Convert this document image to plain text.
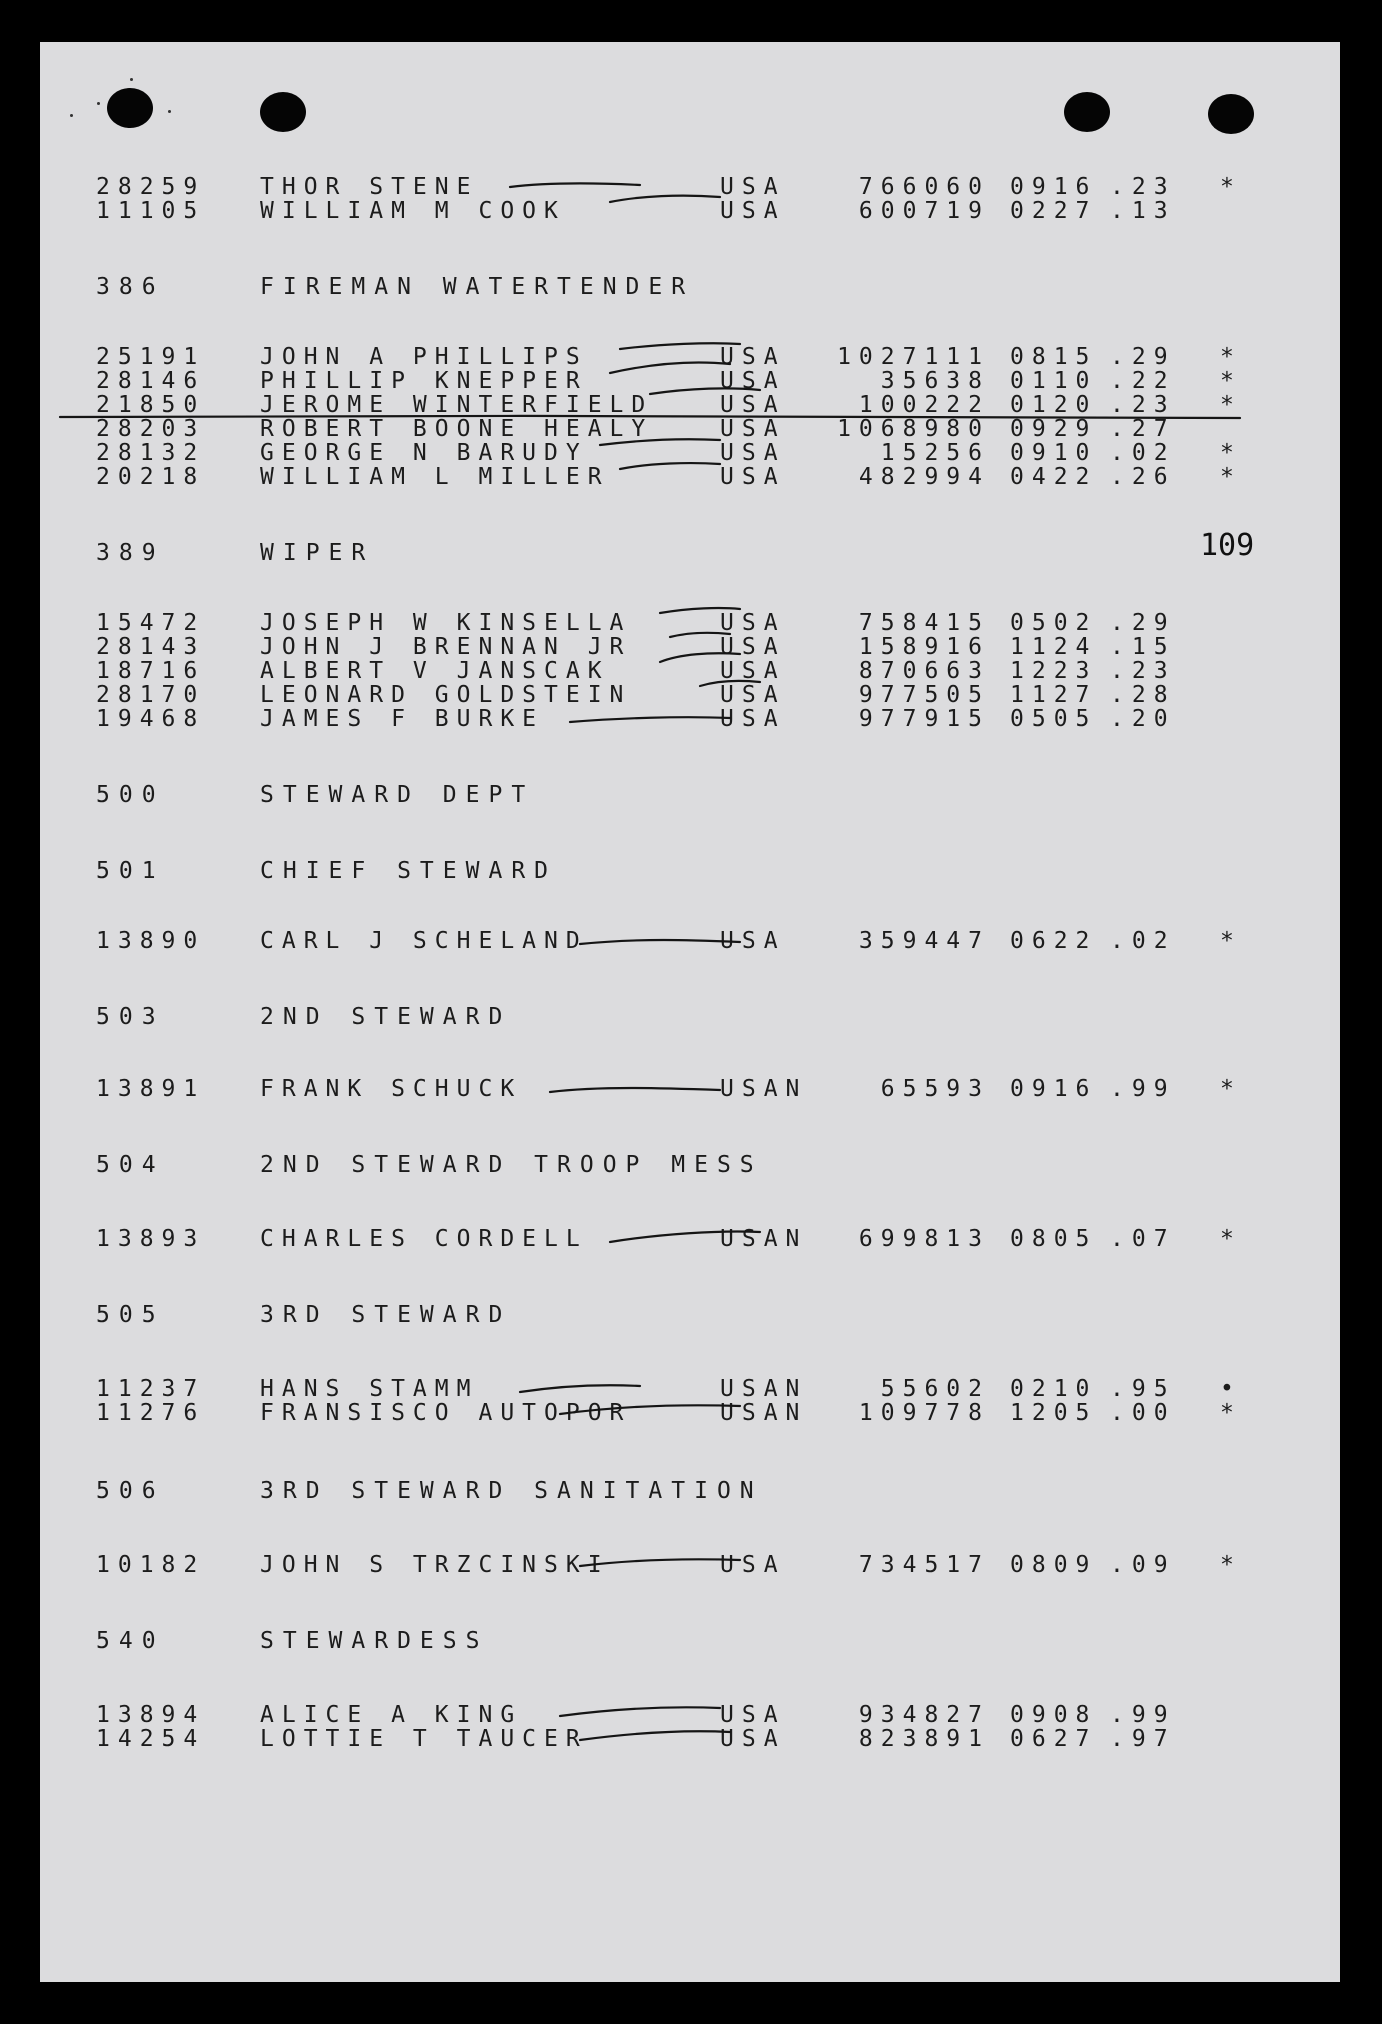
28259 THOR STENE	USA	766060 0916 .23 *
11105 WILLIAM M COOK	USA	600719 0227 .13
386	FIREMAN WATERTENDER
25191 JOHN A PHILLIPS	USA	1027111 0815 .29 *
28146 PHILLIP KNEPPER	USA	35638 0110 .22 *
21850 JEROME WINTERFIELD	USA	100222 0120 .23 *
28203 ROBERT BOONE HEALY	USA	1068980 0929 .27
28132 GEORGE N BARUDY	USA	15256 0910 .02 *
20218 WILLIAM L MILLER	USA	482994 0422 .26 *
389	WIPER
15472 JOSEPH W KINSELLA	USA	758415 0502 .29
28143 JOHN J BRENNAN JR	USA	158916 1124 .15
18716 ALBERT V JANSCAK	USA	870663 1223 .23
28170 LEONARD GOLDSTEIN	USA	977505 1127 .28
19468 JAMES F BURKE	USA	977915 0505 .20
500	STEWARD DEPT
501	CHIEF STEWARD
13890 CARL J SCHELAND	USA	359447 0622 .02 *
503	2ND STEWARD
13891 FRANK SCHUCK	USAN	65593 0916 .99 *
504	2ND STEWARD TROOP MESS
13893 CHARLES CORDELL	USAN	699813 0805 .07 *
505	3RD STEWARD
11237 HANS STAMM	USAN	55602 0210 .95 •
11276 FRANSISCO AUTOPOR	USAN	109778 1205 .00 *
506	3RD STEWARD SANITATION
10182 JOHN S TRZCINSKI	USA	734517 0809 .09 *
540	STEWARDESS
13894 ALICE A KING	USA	934827 0908 .99
14254 LOTTIE T TAUCER	USA	823891 0627 .97
109
